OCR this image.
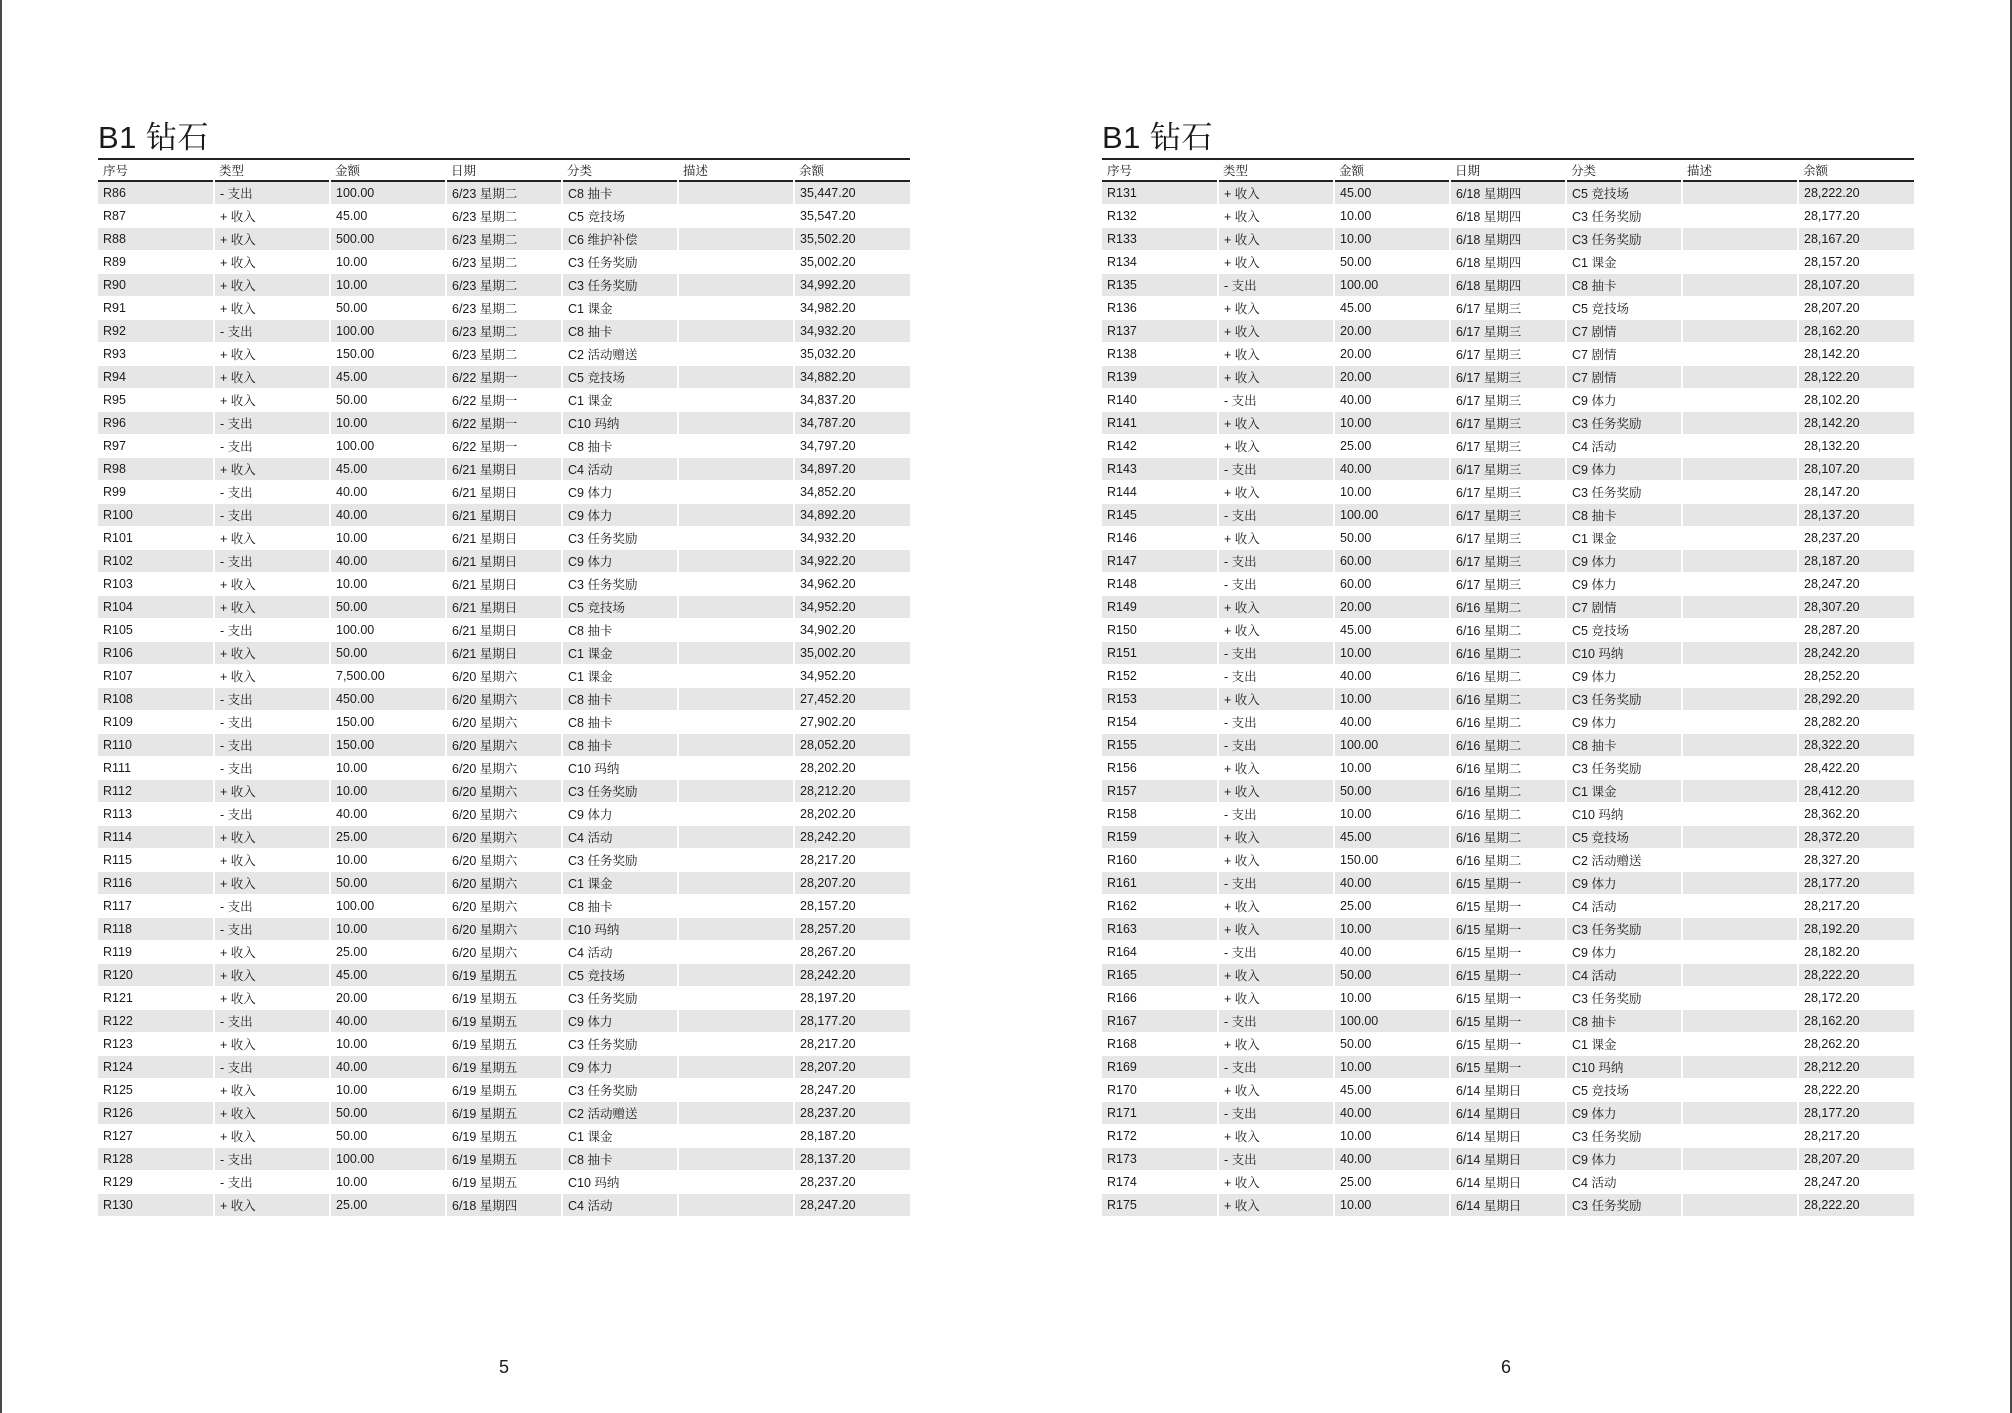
B1 钻石
序号	类型	金额	日期	分类	描述	余额
R86	- 支出	100.00	6/23 星期二	C8 抽卡		35,447.20
R87	+ 收入	45.00	6/23 星期二	C5 竞技场		35,547.20
R88	+ 收入	500.00	6/23 星期二	C6 维护补偿		35,502.20
R89	+ 收入	10.00	6/23 星期二	C3 任务奖励		35,002.20
R90	+ 收入	10.00	6/23 星期二	C3 任务奖励		34,992.20
R91	+ 收入	50.00	6/23 星期二	C1 课金		34,982.20
R92	- 支出	100.00	6/23 星期二	C8 抽卡		34,932.20
R93	+ 收入	150.00	6/23 星期二	C2 活动赠送		35,032.20
R94	+ 收入	45.00	6/22 星期一	C5 竞技场		34,882.20
R95	+ 收入	50.00	6/22 星期一	C1 课金		34,837.20
R96	- 支出	10.00	6/22 星期一	C10 玛纳		34,787.20
R97	- 支出	100.00	6/22 星期一	C8 抽卡		34,797.20
R98	+ 收入	45.00	6/21 星期日	C4 活动		34,897.20
R99	- 支出	40.00	6/21 星期日	C9 体力		34,852.20
R100	- 支出	40.00	6/21 星期日	C9 体力		34,892.20
R101	+ 收入	10.00	6/21 星期日	C3 任务奖励		34,932.20
R102	- 支出	40.00	6/21 星期日	C9 体力		34,922.20
R103	+ 收入	10.00	6/21 星期日	C3 任务奖励		34,962.20
R104	+ 收入	50.00	6/21 星期日	C5 竞技场		34,952.20
R105	- 支出	100.00	6/21 星期日	C8 抽卡		34,902.20
R106	+ 收入	50.00	6/21 星期日	C1 课金		35,002.20
R107	+ 收入	7,500.00	6/20 星期六	C1 课金		34,952.20
R108	- 支出	450.00	6/20 星期六	C8 抽卡		27,452.20
R109	- 支出	150.00	6/20 星期六	C8 抽卡		27,902.20
R110	- 支出	150.00	6/20 星期六	C8 抽卡		28,052.20
R111	- 支出	10.00	6/20 星期六	C10 玛纳		28,202.20
R112	+ 收入	10.00	6/20 星期六	C3 任务奖励		28,212.20
R113	- 支出	40.00	6/20 星期六	C9 体力		28,202.20
R114	+ 收入	25.00	6/20 星期六	C4 活动		28,242.20
R115	+ 收入	10.00	6/20 星期六	C3 任务奖励		28,217.20
R116	+ 收入	50.00	6/20 星期六	C1 课金		28,207.20
R117	- 支出	100.00	6/20 星期六	C8 抽卡		28,157.20
R118	- 支出	10.00	6/20 星期六	C10 玛纳		28,257.20
R119	+ 收入	25.00	6/20 星期六	C4 活动		28,267.20
R120	+ 收入	45.00	6/19 星期五	C5 竞技场		28,242.20
R121	+ 收入	20.00	6/19 星期五	C3 任务奖励		28,197.20
R122	- 支出	40.00	6/19 星期五	C9 体力		28,177.20
R123	+ 收入	10.00	6/19 星期五	C3 任务奖励		28,217.20
R124	- 支出	40.00	6/19 星期五	C9 体力		28,207.20
R125	+ 收入	10.00	6/19 星期五	C3 任务奖励		28,247.20
R126	+ 收入	50.00	6/19 星期五	C2 活动赠送		28,237.20
R127	+ 收入	50.00	6/19 星期五	C1 课金		28,187.20
R128	- 支出	100.00	6/19 星期五	C8 抽卡		28,137.20
R129	- 支出	10.00	6/19 星期五	C10 玛纳		28,237.20
R130	+ 收入	25.00	6/18 星期四	C4 活动		28,247.20
5
B1 钻石
序号	类型	金额	日期	分类	描述	余额
R131	+ 收入	45.00	6/18 星期四	C5 竞技场		28,222.20
R132	+ 收入	10.00	6/18 星期四	C3 任务奖励		28,177.20
R133	+ 收入	10.00	6/18 星期四	C3 任务奖励		28,167.20
R134	+ 收入	50.00	6/18 星期四	C1 课金		28,157.20
R135	- 支出	100.00	6/18 星期四	C8 抽卡		28,107.20
R136	+ 收入	45.00	6/17 星期三	C5 竞技场		28,207.20
R137	+ 收入	20.00	6/17 星期三	C7 剧情		28,162.20
R138	+ 收入	20.00	6/17 星期三	C7 剧情		28,142.20
R139	+ 收入	20.00	6/17 星期三	C7 剧情		28,122.20
R140	- 支出	40.00	6/17 星期三	C9 体力		28,102.20
R141	+ 收入	10.00	6/17 星期三	C3 任务奖励		28,142.20
R142	+ 收入	25.00	6/17 星期三	C4 活动		28,132.20
R143	- 支出	40.00	6/17 星期三	C9 体力		28,107.20
R144	+ 收入	10.00	6/17 星期三	C3 任务奖励		28,147.20
R145	- 支出	100.00	6/17 星期三	C8 抽卡		28,137.20
R146	+ 收入	50.00	6/17 星期三	C1 课金		28,237.20
R147	- 支出	60.00	6/17 星期三	C9 体力		28,187.20
R148	- 支出	60.00	6/17 星期三	C9 体力		28,247.20
R149	+ 收入	20.00	6/16 星期二	C7 剧情		28,307.20
R150	+ 收入	45.00	6/16 星期二	C5 竞技场		28,287.20
R151	- 支出	10.00	6/16 星期二	C10 玛纳		28,242.20
R152	- 支出	40.00	6/16 星期二	C9 体力		28,252.20
R153	+ 收入	10.00	6/16 星期二	C3 任务奖励		28,292.20
R154	- 支出	40.00	6/16 星期二	C9 体力		28,282.20
R155	- 支出	100.00	6/16 星期二	C8 抽卡		28,322.20
R156	+ 收入	10.00	6/16 星期二	C3 任务奖励		28,422.20
R157	+ 收入	50.00	6/16 星期二	C1 课金		28,412.20
R158	- 支出	10.00	6/16 星期二	C10 玛纳		28,362.20
R159	+ 收入	45.00	6/16 星期二	C5 竞技场		28,372.20
R160	+ 收入	150.00	6/16 星期二	C2 活动赠送		28,327.20
R161	- 支出	40.00	6/15 星期一	C9 体力		28,177.20
R162	+ 收入	25.00	6/15 星期一	C4 活动		28,217.20
R163	+ 收入	10.00	6/15 星期一	C3 任务奖励		28,192.20
R164	- 支出	40.00	6/15 星期一	C9 体力		28,182.20
R165	+ 收入	50.00	6/15 星期一	C4 活动		28,222.20
R166	+ 收入	10.00	6/15 星期一	C3 任务奖励		28,172.20
R167	- 支出	100.00	6/15 星期一	C8 抽卡		28,162.20
R168	+ 收入	50.00	6/15 星期一	C1 课金		28,262.20
R169	- 支出	10.00	6/15 星期一	C10 玛纳		28,212.20
R170	+ 收入	45.00	6/14 星期日	C5 竞技场		28,222.20
R171	- 支出	40.00	6/14 星期日	C9 体力		28,177.20
R172	+ 收入	10.00	6/14 星期日	C3 任务奖励		28,217.20
R173	- 支出	40.00	6/14 星期日	C9 体力		28,207.20
R174	+ 收入	25.00	6/14 星期日	C4 活动		28,247.20
R175	+ 收入	10.00	6/14 星期日	C3 任务奖励		28,222.20
6
